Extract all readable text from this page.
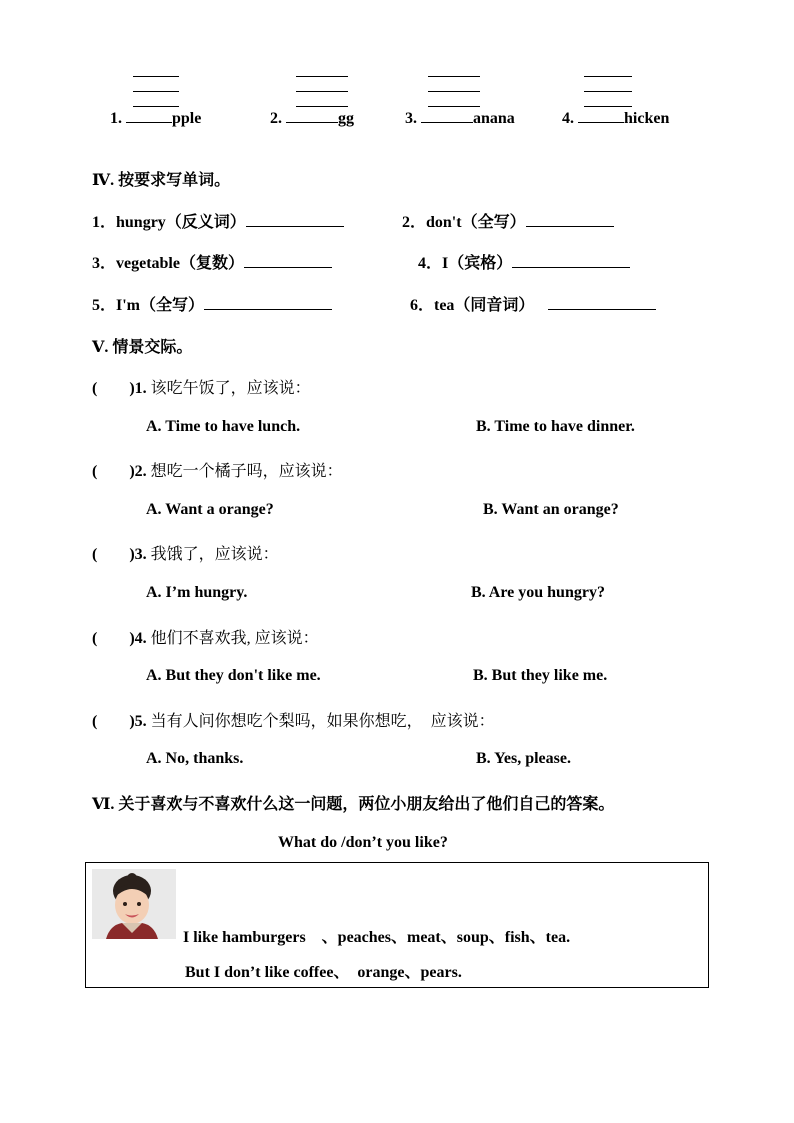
1.	pple	2.	gg	3.	anana	4.	hicken
Ⅳ. 按要求写单词。
1．hungry（反义词）	2．don't（全写）
3．vegetable（复数）	4．I（宾格）
5．I'm（全写）	6．tea（同音词）
Ⅴ. 情景交际。
(　　)1. 该吃午饭了，应该说：
A. Time to have lunch.	B. Time to have dinner.
(　　)2. 想吃一个橘子吗，应该说：
A. Want a orange?	B. Want an orange?
(　　)3. 我饿了，应该说：
A. I’m hungry.	B. Are you hungry?
(　　)4. 他们不喜欢我, 应该说：
A. But they don't like me.	B. But they like me.
(　　)5. 当有人问你想吃个梨吗，如果你想吃，　应该说：
A. No, thanks.	B. Yes, please.
Ⅵ. 关于喜欢与不喜欢什么这一问题，两位小朋友给出了他们自己的答案。
What do /don’t you like?
I like hamburgers　、peaches、meat、soup、fish、tea.
But I don’t like coffee、　orange、pears.
